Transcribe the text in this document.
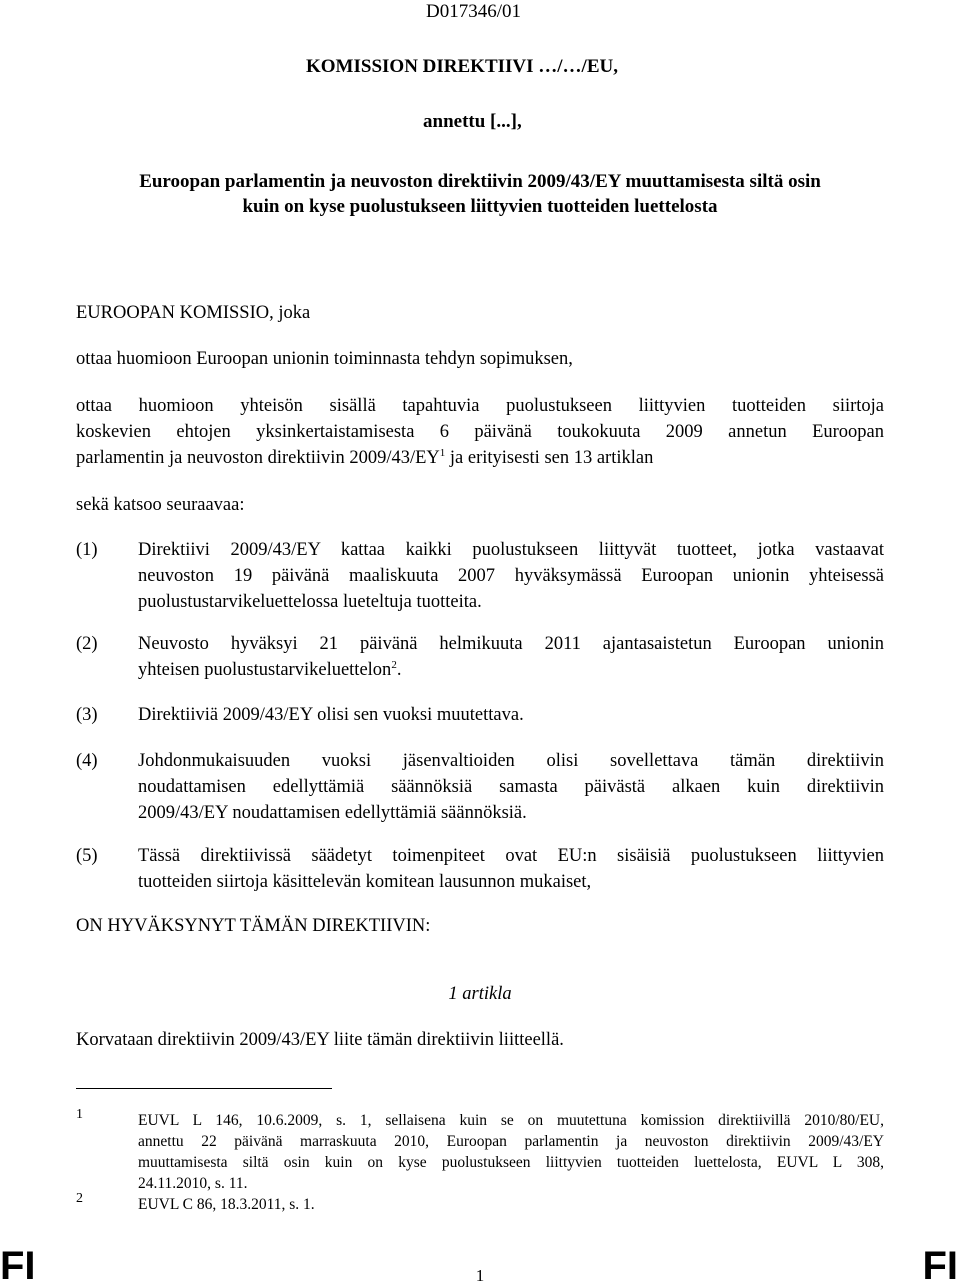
D017346/01
KOMISSION DIREKTIIVI …/…/EU,
annettu [...],
Euroopan parlamentin ja neuvoston direktiivin 2009/43/EY muuttamisesta siltä osin
kuin on kyse puolustukseen liittyvien tuotteiden luettelosta
EUROOPAN KOMISSIO, joka
ottaa huomioon Euroopan unionin toiminnasta tehdyn sopimuksen,
ottaa huomioon yhteisön sisällä tapahtuvia puolustukseen liittyvien tuotteiden siirtoja
koskevien ehtojen yksinkertaistamisesta 6 päivänä toukokuuta 2009 annetun Euroopan
parlamentin ja neuvoston direktiivin $2009/43/EY^1$ ja erityisesti sen 13 artiklan
sekä katsoo seuraavaa:
(1) Direktiivi 2009/43/EY kattaa kaikki puolustukseen liittyvät tuotteet, jotka vastaavat
neuvoston 19 päivänä maaliskuuta 2007 hyväksymässä Euroopan unionin yhteisessä
puolustustarvikeluettelossa lueteltuja tuotteita.
(2) Neuvosto hyväksyi 21 päivänä helmikuuta 2011 ajantasaistetun Euroopan unionin
yhteisen puolustustarvikeluettelon$^2$.
(3) Direktiiviä 2009/43/EY olisi sen vuoksi muutettava.
(4) Johdonmukaisuuden vuoksi jäsenvaltioiden olisi sovellettava tämän direktiivin
noudattamisen edellyttämiä säännöksiä samasta päivästä alkaen kuin direktiivin
2009/43/EY noudattamisen edellyttämiä säännöksiä.
(5) Tässä direktiivissä säädetyt toimenpiteet ovat EU:n sisäisiä puolustukseen liittyvien
tuotteiden siirtoja käsittelevän komitean lausunnon mukaiset,
ON HYVÄKSYNYT TÄMÄN DIREKTIIVIN:
1 artikla
Korvataan direktiivin 2009/43/EY liite tämän direktiivin liitteellä.
1	EUVL L 146, 10.6.2009, s. 1, sellaisena kuin se on muutettuna komission direktiivillä 2010/80/EU,
annettu 22 päivänä marraskuuta 2010, Euroopan parlamentin ja neuvoston direktiivin 2009/43/EY
muuttamisesta siltä osin kuin on kyse puolustukseen liittyvien tuotteiden luettelosta, EUVL L 308,
24.11.2010, s. 11.
2	EUVL C 86, 18.3.2011, s. 1.
FI	1	FI
